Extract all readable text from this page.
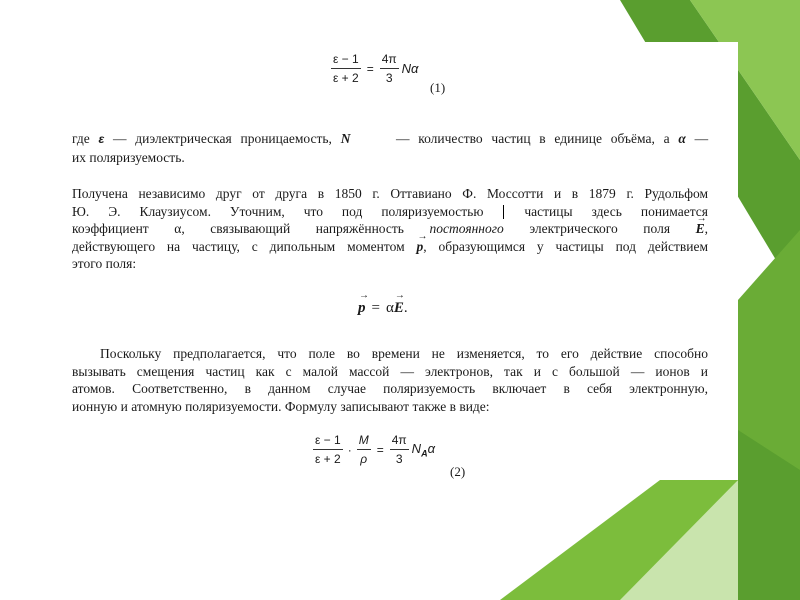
$\frac{\varepsilon - 1}{\varepsilon + 2} = \frac{4\pi}{3}$ Nα
(1)
где ε — диэлектрическая проницаемость, N	— количество частиц в единице объёма, а α —
их поляризуемость.
Получена независимо друг от друга в 1850 г. Оттавиано Ф. Моссотти и в 1879 г. Рудольфом
Ю. Э. Клаузиусом. Уточним, что под поляризуемостью	частицы здесь понимается
коэффициент α, связывающий напряжённость постоянного электрического поля → E,
действующего на частицу, с дипольным моментом → p, образующимся у частицы под действием
этого поля:
→ p = α → E .
Поскольку предполагается, что поле во времени не изменяется, то его действие способно
вызывать смещения частиц как с малой массой — электронов, так и с большой — ионов и
атомов. Соответственно, в данном случае поляризуемость включает в себя электронную,
ионную и атомную поляризуемости. Формулу записывают также в виде:
$\frac{\varepsilon - 1}{\varepsilon + 2} \cdot \frac{M}{\rho} = \frac{4\pi}{3} N_A\alpha$
(2)
